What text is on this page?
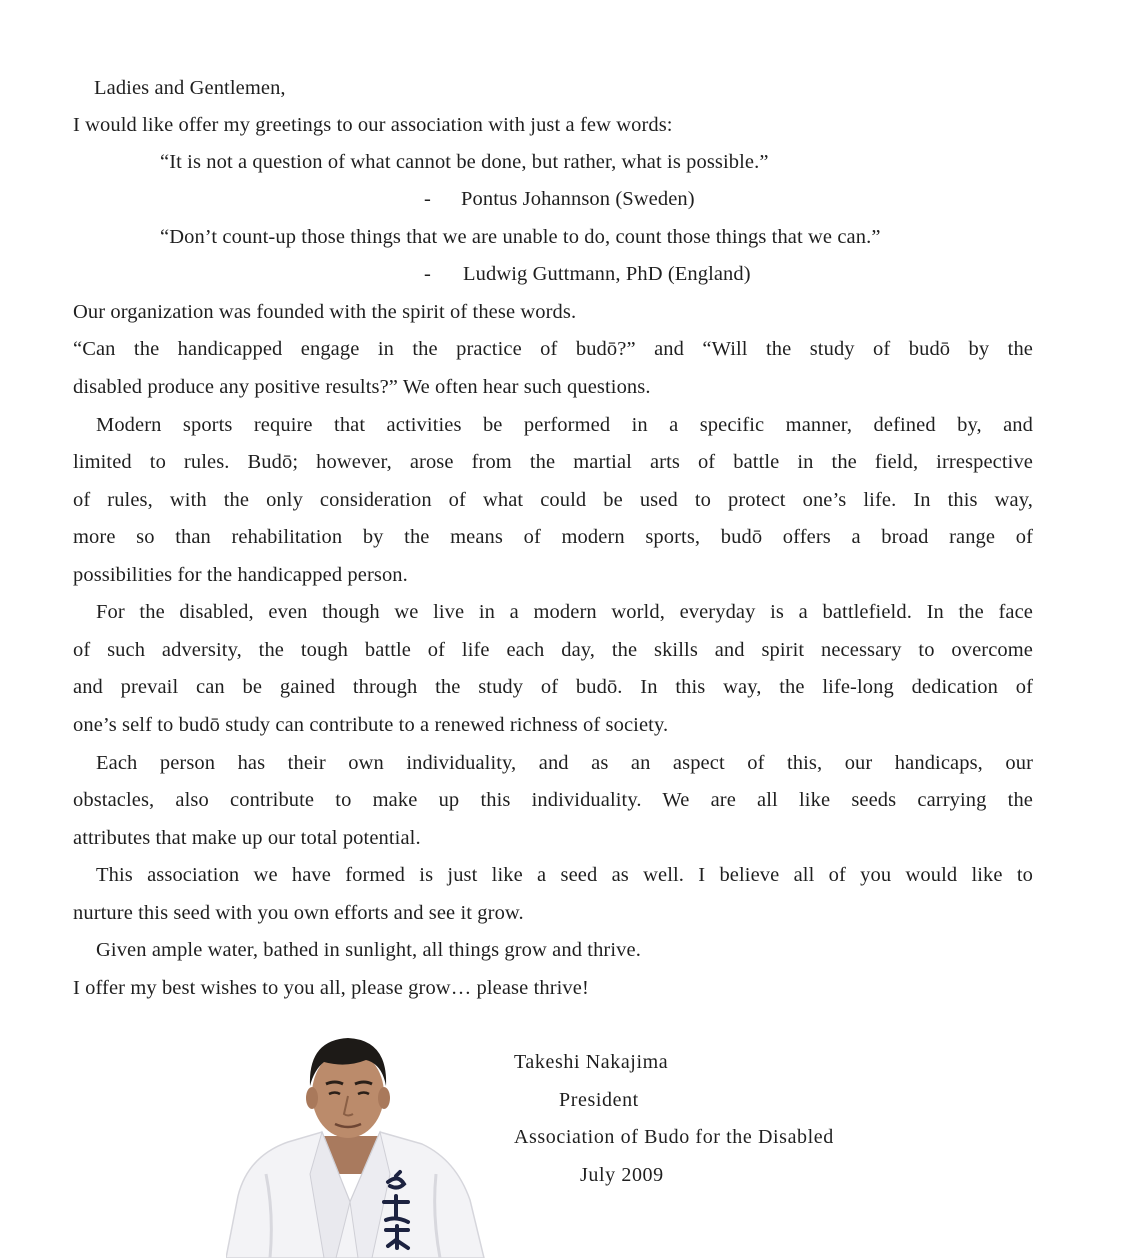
Ladies and Gentlemen,
I would like offer my greetings to our association with just a few words:
“It is not a question of what cannot be done, but rather, what is possible.”
- Pontus Johannson (Sweden)
“Don’t count-up those things that we are unable to do, count those things that we can.”
- Ludwig Guttmann, PhD (England)
Our organization was founded with the spirit of these words.
“Can the handicapped engage in the practice of budō?” and “Will the study of budō by the
disabled produce any positive results?” We often hear such questions.
Modern sports require that activities be performed in a specific manner, defined by, and
limited to rules. Budō; however, arose from the martial arts of battle in the field, irrespective
of rules, with the only consideration of what could be used to protect one’s life. In this way,
more so than rehabilitation by the means of modern sports, budō offers a broad range of
possibilities for the handicapped person.
For the disabled, even though we live in a modern world, everyday is a battlefield. In the face
of such adversity, the tough battle of life each day, the skills and spirit necessary to overcome
and prevail can be gained through the study of budō. In this way, the life-long dedication of
one’s self to budō study can contribute to a renewed richness of society.
Each person has their own individuality, and as an aspect of this, our handicaps, our
obstacles, also contribute to make up this individuality. We are all like seeds carrying the
attributes that make up our total potential.
This association we have formed is just like a seed as well. I believe all of you would like to
nurture this seed with you own efforts and see it grow.
Given ample water, bathed in sunlight, all things grow and thrive.
I offer my best wishes to you all, please grow… please thrive!
Takeshi Nakajima
President
Association of Budo for the Disabled
July 2009
